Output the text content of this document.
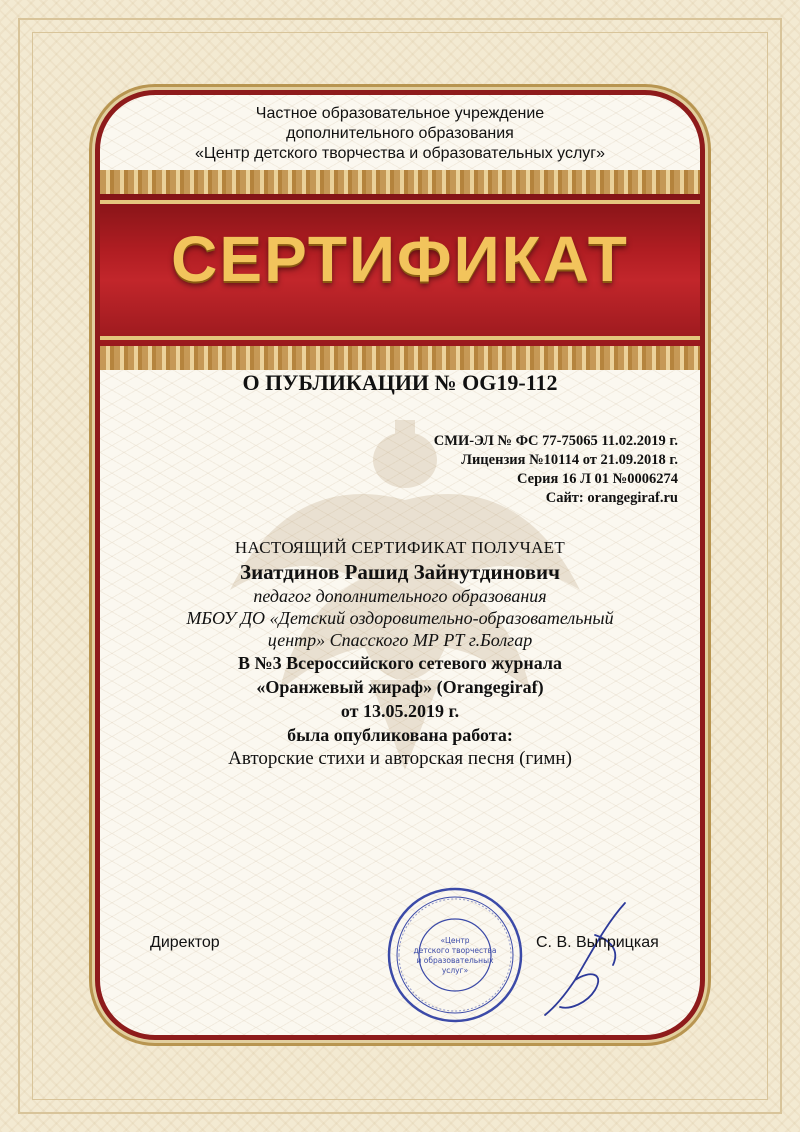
Частное образовательное учреждение
дополнительного образования
«Центр детского творчества и образовательных услуг»
СЕРТИФИКАТ
О ПУБЛИКАЦИИ № OG19-112
СМИ-ЭЛ № ФС 77-75065 11.02.2019 г.
Лицензия №10114 от 21.09.2018 г.
Серия 16 Л 01 №0006274
Сайт: orangegiraf.ru
НАСТОЯЩИЙ СЕРТИФИКАТ ПОЛУЧАЕТ
Зиатдинов Рашид Зайнутдинович
педагог дополнительного образования
МБОУ ДО «Детский оздоровительно-образовательный
центр» Спасского МР РТ г.Болгар
В №3 Всероссийского сетевого журнала
«Оранжевый жираф» (Orangegiraf)
от 13.05.2019 г.
была опубликована работа:
Авторские стихи и авторская песня (гимн)
«Центр
детского творчества
и образовательных
услуг»
Директор	С. В. Выприцкая
